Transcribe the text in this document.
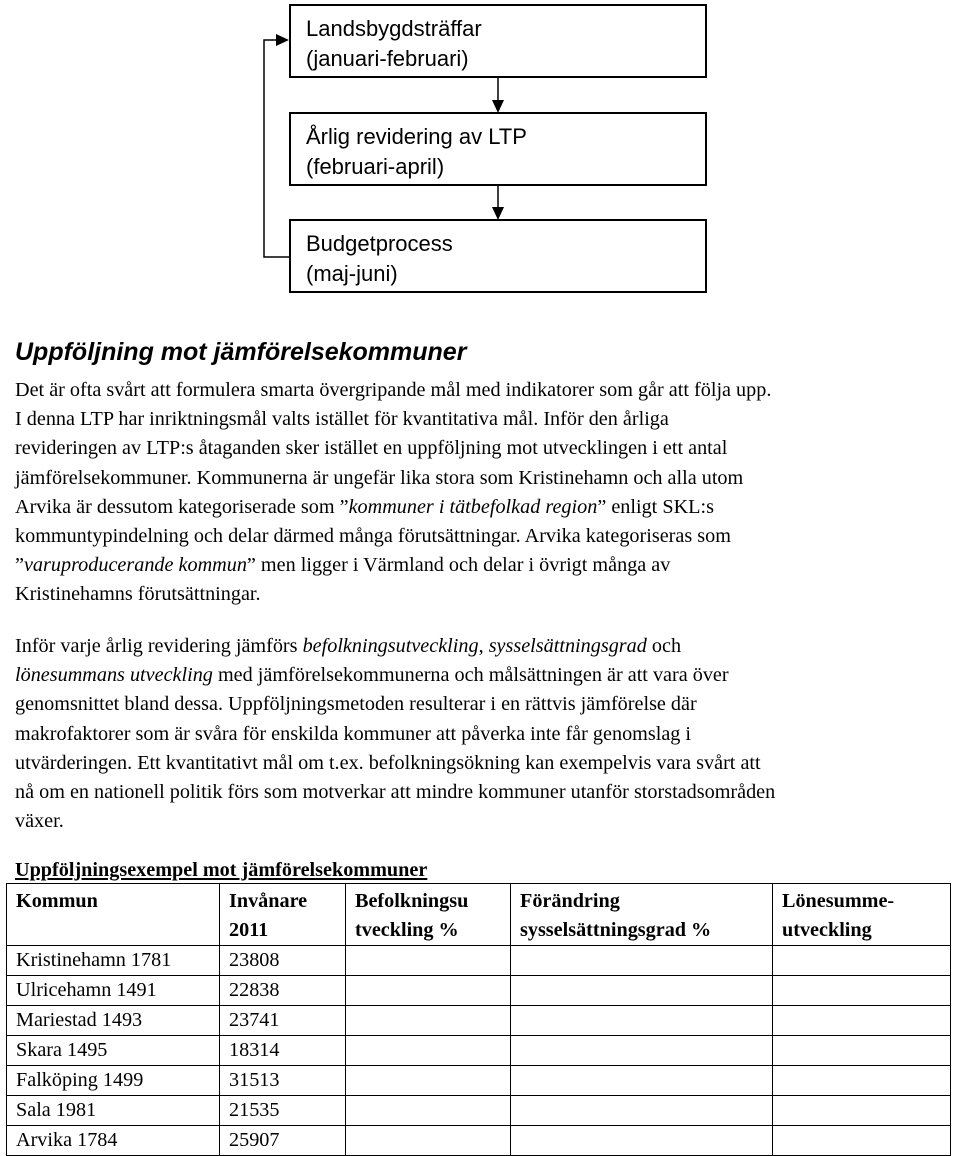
Landsbygdsträffar
(januari-februari)
Årlig revidering av LTP
(februari-april)
Budgetprocess
(maj-juni)
Uppföljning mot jämförelsekommuner
Det är ofta svårt att formulera smarta övergripande mål med indikatorer som går att följa upp.
I denna LTP har inriktningsmål valts istället för kvantitativa mål. Inför den årliga
revideringen av LTP:s åtaganden sker istället en uppföljning mot utvecklingen i ett antal
jämförelsekommuner. Kommunerna är ungefär lika stora som Kristinehamn och alla utom
Arvika är dessutom kategoriserade som ”kommuner i tätbefolkad region” enligt SKL:s
kommuntypindelning och delar därmed många förutsättningar. Arvika kategoriseras som
”varuproducerande kommun” men ligger i Värmland och delar i övrigt många av
Kristinehamns förutsättningar.
Inför varje årlig revidering jämförs befolkningsutveckling, sysselsättningsgrad och
lönesummans utveckling med jämförelsekommunerna och målsättningen är att vara över
genomsnittet bland dessa. Uppföljningsmetoden resulterar i en rättvis jämförelse där
makrofaktorer som är svåra för enskilda kommuner att påverka inte får genomslag i
utvärderingen. Ett kvantitativt mål om t.ex. befolkningsökning kan exempelvis vara svårt att
nå om en nationell politik förs som motverkar att mindre kommuner utanför storstadsområden
växer.
Uppföljningsexempel mot jämförelsekommuner
Kommun	Invånare 2011	Befolkningsu tveckling %	Förändring sysselsättningsgrad %	Lönesumme-utveckling
Kristinehamn 1781	23808			
Ulricehamn 1491	22838			
Mariestad 1493	23741			
Skara 1495	18314			
Falköping 1499	31513			
Sala 1981	21535			
Arvika 1784	25907			
